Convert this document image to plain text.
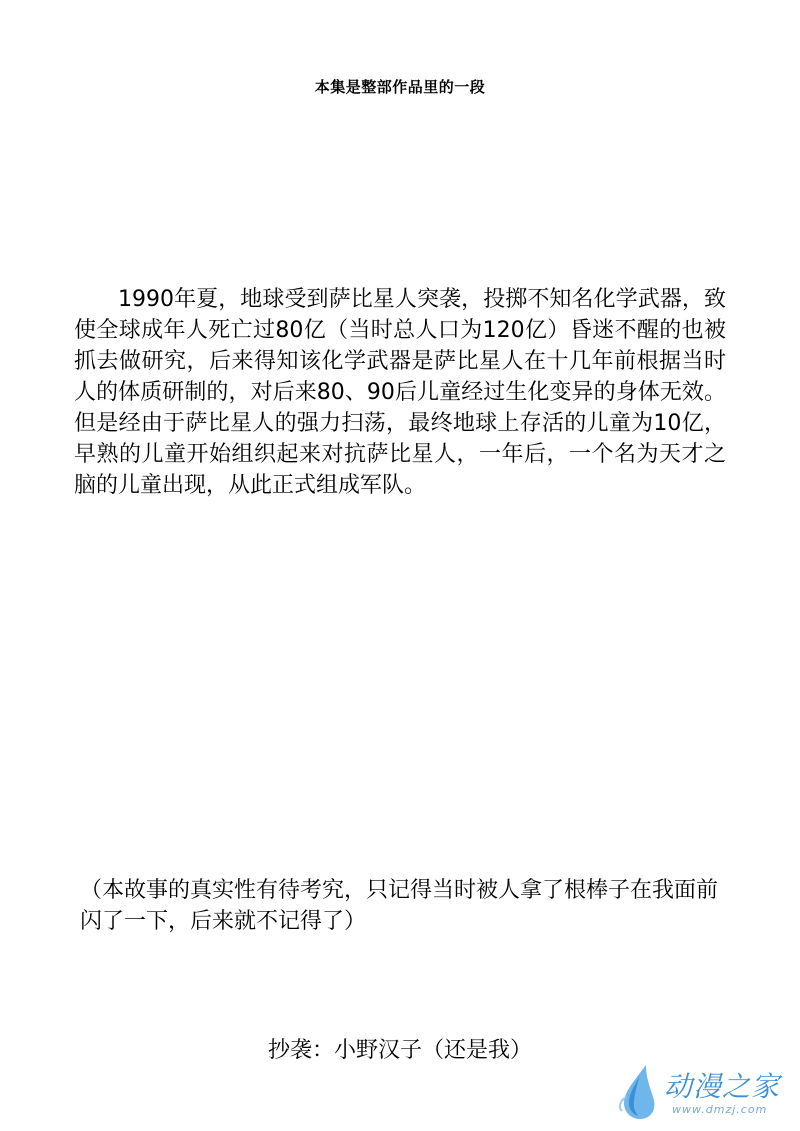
本集是整部作品里的一段

1990年夏，地球受到萨比星人突袭，投掷不知名化学武器，致使全球成年人死亡过80亿（当时总人口为120亿）昏迷不醒的也被抓去做研究，后来得知该化学武器是萨比星人在十几年前根据当时人的体质研制的，对后来80、90后儿童经过生化变异的身体无效。但是经由于萨比星人的强力扫荡，最终地球上存活的儿童为10亿，早熟的儿童开始组织起来对抗萨比星人，一年后，一个名为天才之脑的儿童出现，从此正式组成军队。

（本故事的真实性有待考究，只记得当时被人拿了根棒子在我面前闪了一下，后来就不记得了）

抄袭：小野汉子（还是我）
动漫之家
www.dmzj.com
